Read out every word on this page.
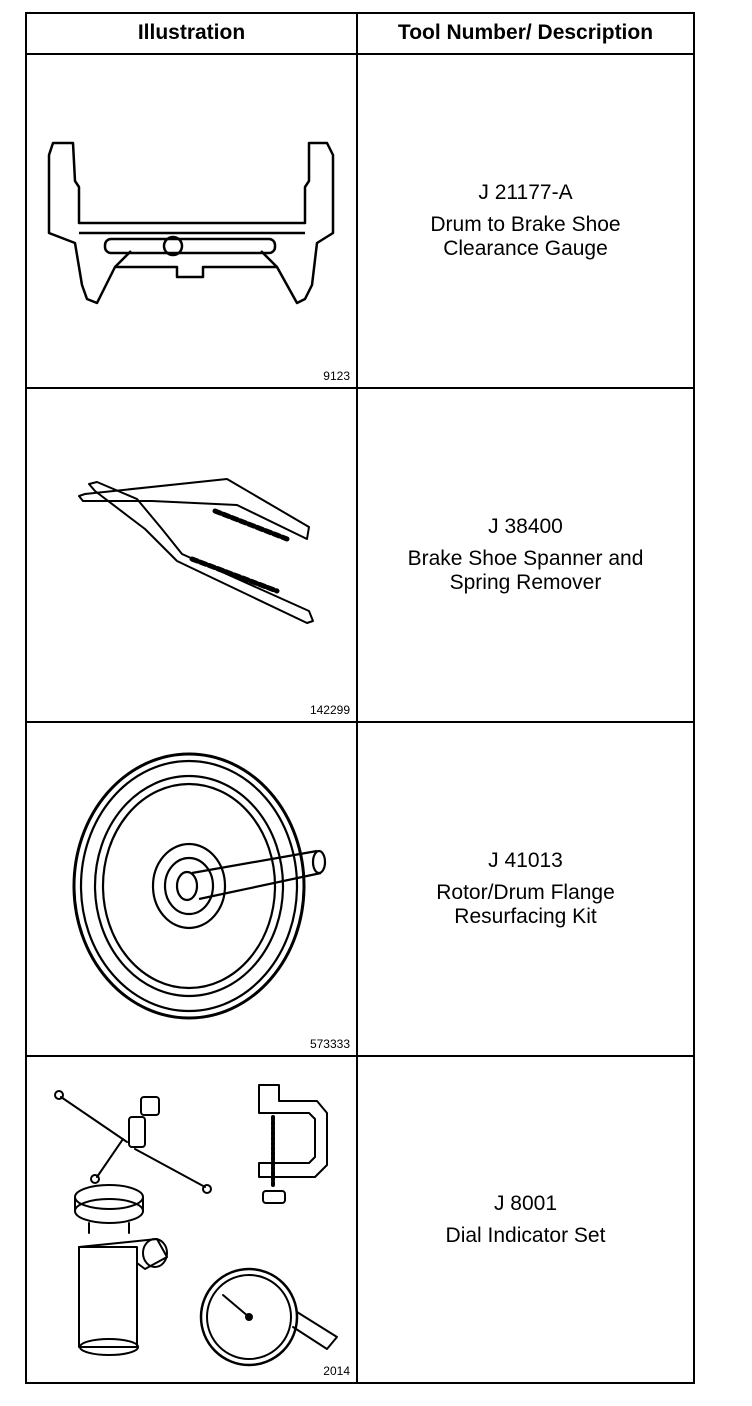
Illustration	Tool Number/ Description
9123
J 21177-A
Drum to Brake Shoe
Clearance Gauge
142299
J 38400
Brake Shoe Spanner and
Spring Remover
573333
J 41013
Rotor/Drum Flange
Resurfacing Kit
2014
J 8001
Dial Indicator Set
